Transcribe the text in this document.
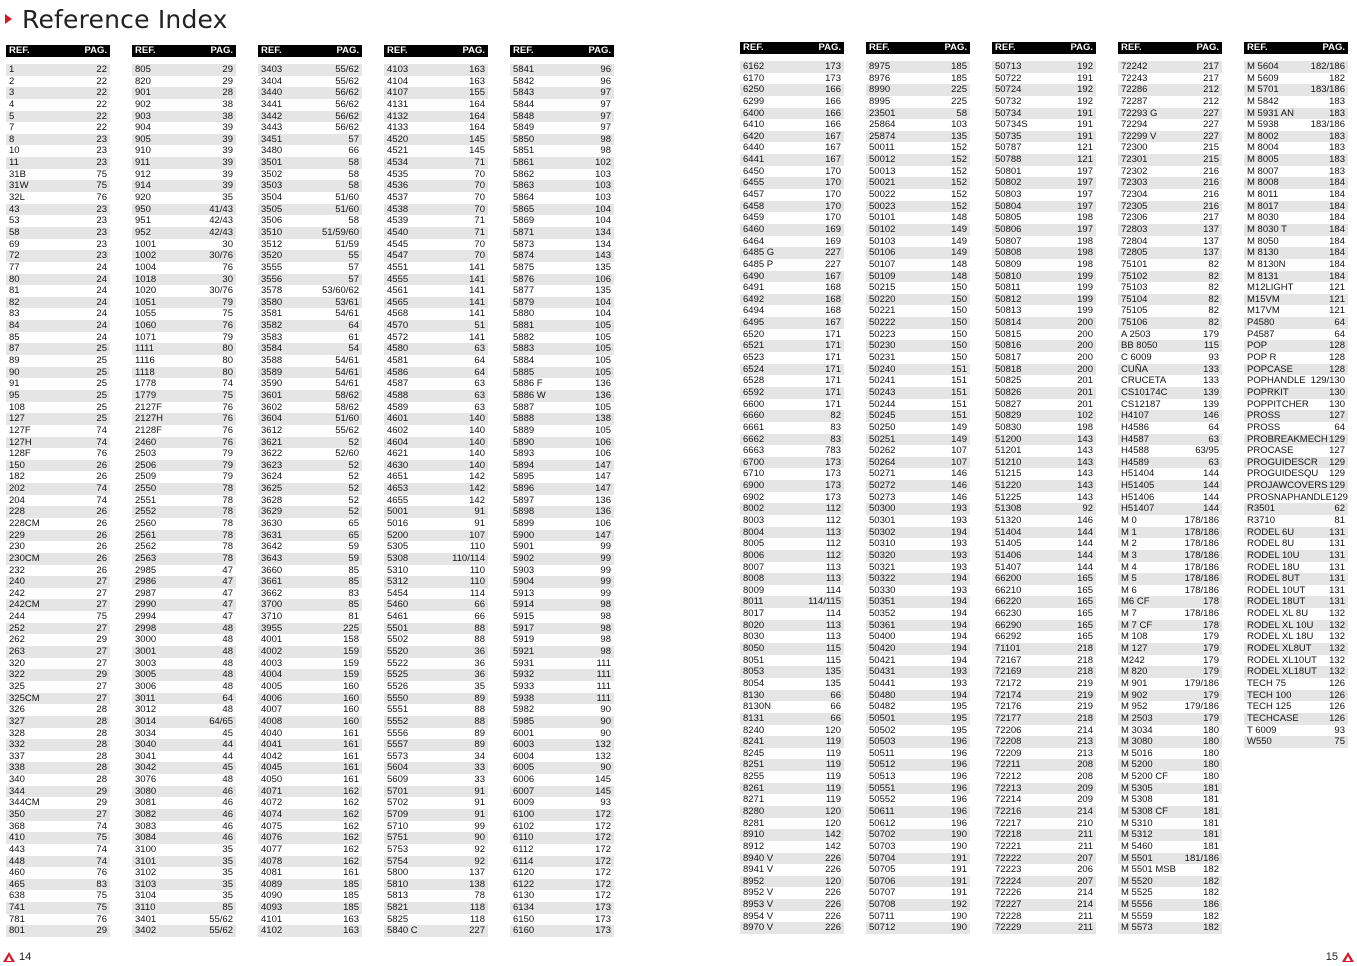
Reference Index
REF.	PAG.
1	22
2	22
3	22
4	22
5	22
7	22
8	23
10	23
11	23
31B	75
31W	75
32L	76
43	23
53	23
58	23
69	23
72	23
77	24
80	24
81	24
82	24
83	24
84	24
85	24
87	25
89	25
90	25
91	25
95	25
108	25
127	25
127F	74
127H	74
128F	76
150	26
182	26
202	74
204	74
228	26
228CM	26
229	26
230	26
230CM	26
232	26
240	27
242	27
242CM	27
244	75
252	27
262	29
263	27
320	27
322	29
325	27
325CM	27
326	28
327	28
328	28
332	28
337	28
338	28
340	28
344	29
344CM	29
350	27
368	74
410	75
443	74
448	74
460	76
465	83
638	75
741	75
781	76
801	29
REF.	PAG.
805	29
820	29
901	28
902	38
903	38
904	39
905	39
910	39
911	39
912	39
914	39
920	35
950	41/43
951	42/43
952	42/43
1001	30
1002	30/76
1004	76
1018	30
1020	30/76
1051	79
1055	75
1060	76
1071	79
1111	80
1116	80
1118	80
1778	74
1779	75
2127F	76
2127H	76
2128F	76
2460	76
2503	79
2506	79
2509	79
2550	78
2551	78
2552	78
2560	78
2561	78
2562	78
2563	78
2985	47
2986	47
2987	47
2990	47
2994	47
2998	48
3000	48
3001	48
3003	48
3005	48
3006	48
3011	64
3012	48
3014	64/65
3034	45
3040	44
3041	44
3042	45
3076	48
3080	46
3081	46
3082	46
3083	46
3084	46
3100	35
3101	35
3102	35
3103	35
3104	35
3110	85
3401	55/62
3402	55/62
REF.	PAG.
3403	55/62
3404	55/62
3440	56/62
3441	56/62
3442	56/62
3443	56/62
3451	57
3480	66
3501	58
3502	58
3503	58
3504	51/60
3505	51/60
3506	58
3510	51/59/60
3512	51/59
3520	55
3555	57
3556	57
3578	53/60/62
3580	53/61
3581	54/61
3582	64
3583	61
3584	54
3588	54/61
3589	54/61
3590	54/61
3601	58/62
3602	58/62
3604	51/60
3612	55/62
3621	52
3622	52/60
3623	52
3624	52
3625	52
3628	52
3629	52
3630	65
3631	65
3642	59
3643	59
3660	85
3661	85
3662	83
3700	85
3710	81
3955	225
4001	158
4002	159
4003	159
4004	159
4005	160
4006	160
4007	160
4008	160
4040	161
4041	161
4042	161
4045	161
4050	161
4071	162
4072	162
4074	162
4075	162
4076	162
4077	162
4078	162
4081	161
4089	185
4090	185
4093	185
4101	163
4102	163
REF.	PAG.
4103	163
4104	163
4107	155
4131	164
4132	164
4133	164
4520	145
4521	145
4534	71
4535	70
4536	70
4537	70
4538	70
4539	71
4540	71
4545	70
4547	70
4551	141
4555	141
4561	141
4565	141
4568	141
4570	51
4572	141
4580	63
4581	64
4586	64
4587	63
4588	63
4589	63
4601	140
4602	140
4604	140
4621	140
4630	140
4651	142
4653	142
4655	142
5001	91
5016	91
5200	107
5305	110
5308	110/114
5310	110
5312	110
5454	114
5460	66
5461	66
5501	88
5502	88
5520	36
5522	36
5525	36
5526	35
5550	89
5551	88
5552	88
5556	89
5557	89
5573	34
5604	33
5609	33
5701	91
5702	91
5709	91
5710	99
5751	90
5753	92
5754	92
5800	137
5810	138
5813	78
5821	118
5825	118
5840 C	227
REF.	PAG.
5841	96
5842	96
5843	97
5844	97
5848	97
5849	97
5850	98
5851	98
5861	102
5862	103
5863	103
5864	103
5865	104
5869	104
5871	134
5873	134
5874	143
5875	135
5876	106
5877	135
5879	104
5880	104
5881	105
5882	105
5883	105
5884	105
5885	105
5886 F	136
5886 W	136
5887	105
5888	138
5889	105
5890	106
5893	106
5894	147
5895	147
5896	147
5897	136
5898	136
5899	106
5900	147
5901	99
5902	99
5903	99
5904	99
5913	99
5914	98
5915	98
5917	98
5919	98
5921	98
5931	111
5932	111
5933	111
5938	111
5982	90
5985	90
6001	90
6003	132
6004	132
6005	90
6006	145
6007	145
6009	93
6100	172
6102	172
6110	172
6112	172
6114	172
6120	172
6122	172
6130	172
6134	173
6150	173
6160	173
REF.	PAG.
6162	173
6170	173
6250	166
6299	166
6400	166
6410	166
6420	167
6440	167
6441	167
6450	170
6455	170
6457	170
6458	170
6459	170
6460	169
6464	169
6485 G	227
6485 P	227
6490	167
6491	168
6492	168
6494	168
6495	167
6520	171
6521	171
6523	171
6524	171
6528	171
6592	171
6600	171
6660	82
6661	83
6662	83
6663	783
6700	173
6710	173
6900	173
6902	173
8002	112
8003	112
8004	113
8005	112
8006	112
8007	113
8008	113
8009	114
8011	114/115
8017	114
8020	113
8030	113
8050	115
8051	115
8053	135
8054	135
8130	66
8130N	66
8131	66
8240	120
8241	119
8245	119
8251	119
8255	119
8261	119
8271	119
8280	120
8281	120
8910	142
8912	142
8940 V	226
8941 V	226
8952	120
8952 V	226
8953 V	226
8954 V	226
8970 V	226
REF.	PAG.
8975	185
8976	185
8990	225
8995	225
23501	58
25864	103
25874	135
50011	152
50012	152
50013	152
50021	152
50022	152
50023	152
50101	148
50102	149
50103	149
50106	149
50107	148
50109	148
50215	150
50220	150
50221	150
50222	150
50223	150
50230	150
50231	150
50240	151
50241	151
50243	151
50244	151
50245	151
50250	149
50251	149
50262	107
50264	107
50271	146
50272	146
50273	146
50300	193
50301	193
50302	194
50310	193
50320	193
50321	193
50322	194
50330	193
50351	194
50352	194
50361	194
50400	194
50420	194
50421	194
50431	193
50441	193
50480	194
50482	195
50501	195
50502	195
50503	196
50511	196
50512	196
50513	196
50551	196
50552	196
50611	196
50612	196
50702	190
50703	190
50704	191
50705	191
50706	191
50707	191
50708	192
50711	190
50712	190
REF.	PAG.
50713	192
50722	191
50724	192
50732	192
50734	191
50734S	191
50735	191
50787	121
50788	121
50801	197
50802	197
50803	197
50804	197
50805	198
50806	197
50807	198
50808	198
50809	198
50810	199
50811	199
50812	199
50813	199
50814	200
50815	200
50816	200
50817	200
50818	200
50825	201
50826	201
50827	201
50829	102
50830	198
51200	143
51201	143
51210	143
51215	143
51220	143
51225	143
51308	92
51320	146
51404	144
51405	144
51406	144
51407	144
66200	165
66210	165
66220	165
66230	165
66290	165
66292	165
71101	218
72167	218
72169	218
72172	219
72174	219
72176	219
72177	218
72206	214
72208	213
72209	213
72211	208
72212	208
72213	209
72214	209
72216	214
72217	210
72218	211
72221	211
72222	207
72223	206
72224	207
72226	214
72227	214
72228	211
72229	211
REF.	PAG.
72242	217
72243	217
72286	212
72287	212
72293 G	227
72294	227
72299 V	227
72300	215
72301	215
72302	216
72303	216
72304	216
72305	216
72306	217
72803	137
72804	137
72805	137
75101	82
75102	82
75103	82
75104	82
75105	82
75106	82
A 2503	179
BB 8050	115
C 6009	93
CUÑA	133
CRUCETA	133
CS10174C	139
CS12187	139
H4107	146
H4586	64
H4587	63
H4588	63/95
H4589	63
H51404	144
H51405	144
H51406	144
H51407	144
M 0	178/186
M 1	178/186
M 2	178/186
M 3	178/186
M 4	178/186
M 5	178/186
M 6	178/186
M6 CF	178
M 7	178/186
M 7 CF	178
M 108	179
M 127	179
M242	179
M 820	179
M 901	179/186
M 902	179
M 952	179/186
M 2503	179
M 3034	180
M 3080	180
M 5016	180
M 5200	180
M 5200 CF	180
M 5305	181
M 5308	181
M 5308 CF	181
M 5310	181
M 5312	181
M 5460	181
M 5501	181/186
M 5501 MSB	182
M 5520	182
M 5525	182
M 5556	186
M 5559	182
M 5573	182
REF.	PAG.
M 5604	182/186
M 5609	182
M 5701	183/186
M 5842	183
M 5931 AN	183
M 5938	183/186
M 8002	183
M 8004	183
M 8005	183
M 8007	183
M 8008	184
M 8011	184
M 8017	184
M 8030	184
M 8030 T	184
M 8050	184
M 8130	184
M 8130N	184
M 8131	184
M12LIGHT	121
M15VM	121
M17VM	121
P4580	64
P4587	64
POP	128
POP R	128
POPCASE	128
POPHANDLE 129/130
POPRKIT	130
POPPITCHER 130
PROSS	127
PROSS	64
PROBREAKMECH 129
PROCASE	127
PROGUIDESCR 129
PROGUIDESQU 129
PROJAWCOVERS 129
PROSNAPHANDLE 129
R3501	62
R3710	81
RODEL 6U	131
RODEL 8U	131
RODEL 10U	131
RODEL 18U	131
RODEL 8UT	131
RODEL 10UT	131
RODEL 18UT	131
RODEL XL 8U 132
RODEL XL 10U 132
RODEL XL 18U 132
RODEL XL8UT 132
RODEL XL10UT 132
RODEL XL18UT 132
TECH 75	126
TECH 100	126
TECH 125	126
TECHCASE	126
T 6009	93
W550	75
14	15
